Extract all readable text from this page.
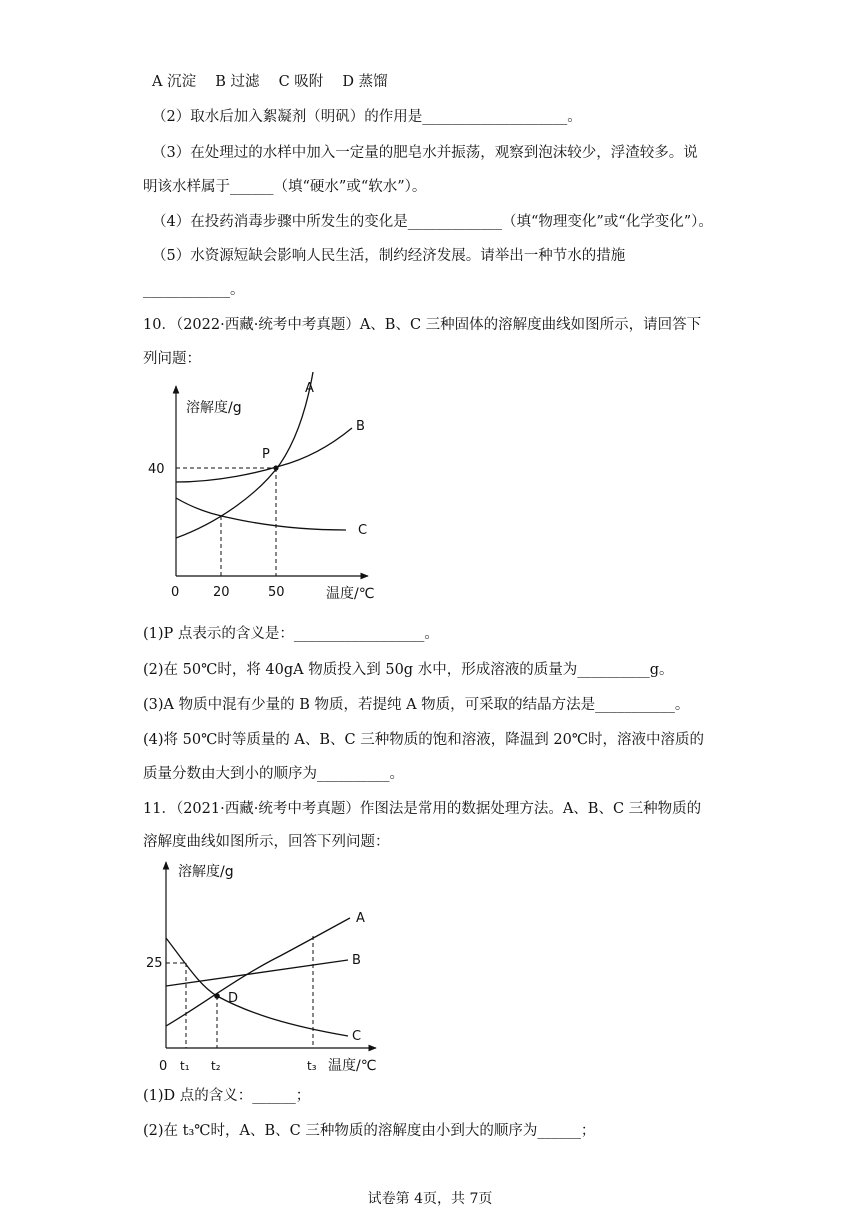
A 沉淀　 B 过滤　 C 吸附　 D 蒸馏
（2）取水后加入絮凝剂（明矾）的作用是____________________。
（3）在处理过的水样中加入一定量的肥皂水并振荡，观察到泡沫较少，浮渣较多。说
明该水样属于______（填“硬水”或“软水”）。
（4）在投药消毒步骤中所发生的变化是_____________（填“物理变化”或“化学变化”）。
（5）水资源短缺会影响人民生活，制约经济发展。请举出一种节水的措施
____________。
10．（2022·西藏·统考中考真题）A、B、C 三种固体的溶解度曲线如图所示，请回答下
列问题：
溶解度/g
P
A
B
C
40
0	20	50	温度/℃
(1)P 点表示的含义是：__________________。
(2)在 50℃时，将 40gA 物质投入到 50g 水中，形成溶液的质量为__________g。
(3)A 物质中混有少量的 B 物质，若提纯 A 物质，可采取的结晶方法是___________。
(4)将 50℃时等质量的 A、B、C 三种物质的饱和溶液，降温到 20℃时，溶液中溶质的
质量分数由大到小的顺序为__________。
11．（2021·西藏·统考中考真题）作图法是常用的数据处理方法。A、B、C 三种物质的
溶解度曲线如图所示，回答下列问题：
溶解度/g
A
B
C
D
25
0 t₁ t₂	t₃ 温度/℃
(1)D 点的含义：______；
(2)在 t₃℃时，A、B、C 三种物质的溶解度由小到大的顺序为______；
试卷第 4页，共 7页
